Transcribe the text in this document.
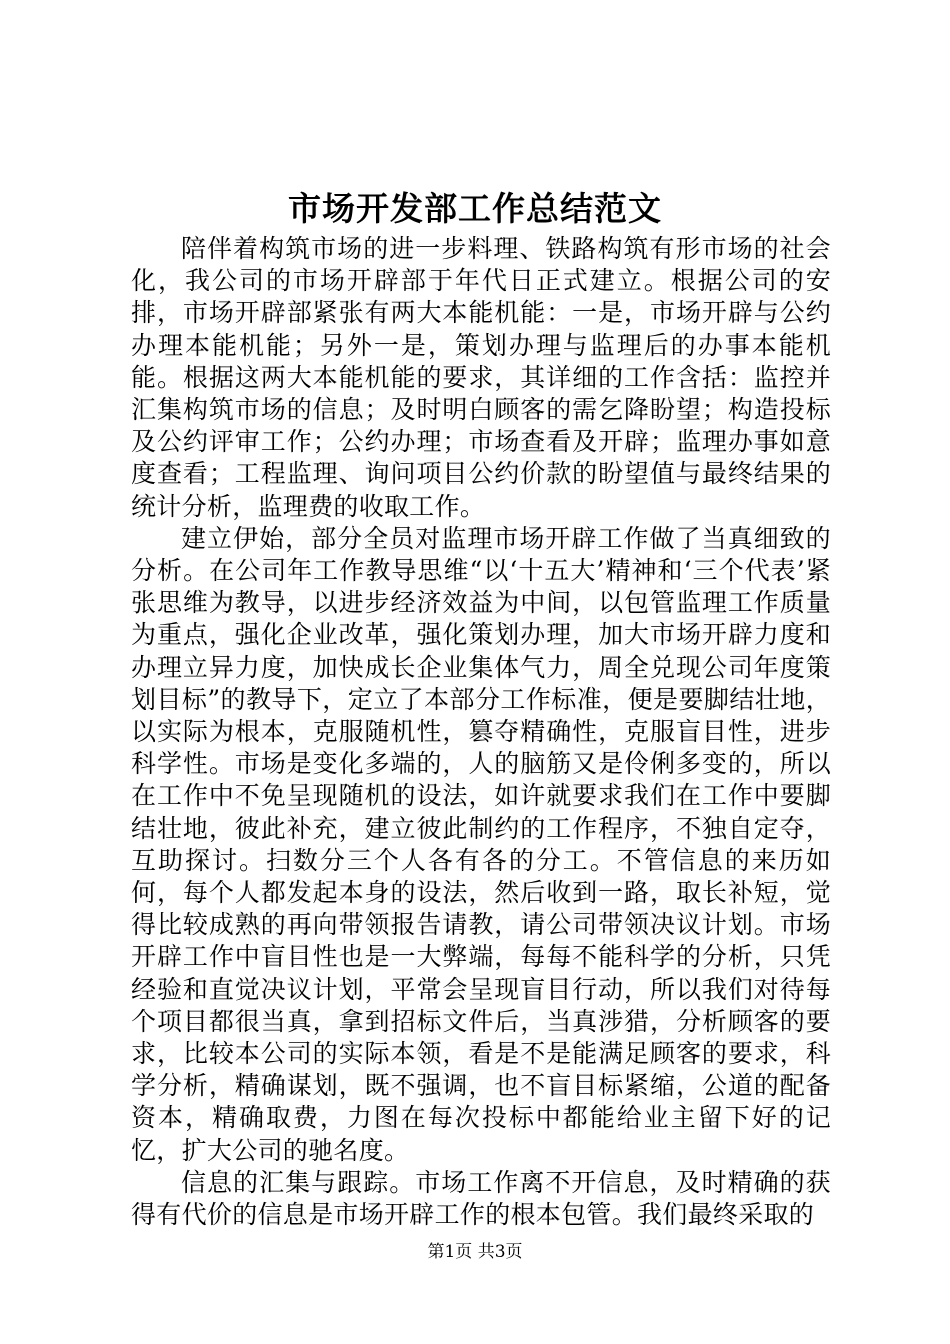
市场开发部工作总结范文

陪伴着构筑市场的进一步料理、铁路构筑有形市场的社会化，我公司的市场开辟部于年代日正式建立。根据公司的安排，市场开辟部紧张有两大本能机能：一是，市场开辟与公约办理本能机能；另外一是，策划办理与监理后的办事本能机能。根据这两大本能机能的要求，其详细的工作含括：监控并汇集构筑市场的信息；及时明白顾客的需乞降盼望；构造投标及公约评审工作；公约办理；市场查看及开辟；监理办事如意度查看；工程监理、询问项目公约价款的盼望值与最终结果的统计分析，监理费的收取工作。

建立伊始，部分全员对监理市场开辟工作做了当真细致的分析。在公司年工作教导思维“以‘十五大’精神和‘三个代表’紧张思维为教导，以进步经济效益为中间，以包管监理工作质量为重点，强化企业改革，强化策划办理，加大市场开辟力度和办理立异力度，加快成长企业集体气力，周全兑现公司年度策划目标”的教导下，定立了本部分工作标准，便是要脚结壮地，以实际为根本，克服随机性，篡夺精确性，克服盲目性，进步科学性。市场是变化多端的，人的脑筋又是伶俐多变的，所以在工作中不免呈现随机的设法，如许就要求我们在工作中要脚结壮地，彼此补充，建立彼此制约的工作程序，不独自定夺，互助探讨。扫数分三个人各有各的分工。不管信息的来历如何，每个人都发起本身的设法，然后收到一路，取长补短，觉得比较成熟的再向带领报告请教，请公司带领决议计划。市场开辟工作中盲目性也是一大弊端，每每不能科学的分析，只凭经验和直觉决议计划，平常会呈现盲目行动，所以我们对待每个项目都很当真，拿到招标文件后，当真涉猎，分析顾客的要求，比较本公司的实际本领，看是不是能满足顾客的要求，科学分析，精确谋划，既不强调，也不盲目标紧缩，公道的配备资本，精确取费，力图在每次投标中都能给业主留下好的记忆，扩大公司的驰名度。

信息的汇集与跟踪。市场工作离不开信息，及时精确的获得有代价的信息是市场开辟工作的根本包管。我们最终采取的

第1页 共3页
